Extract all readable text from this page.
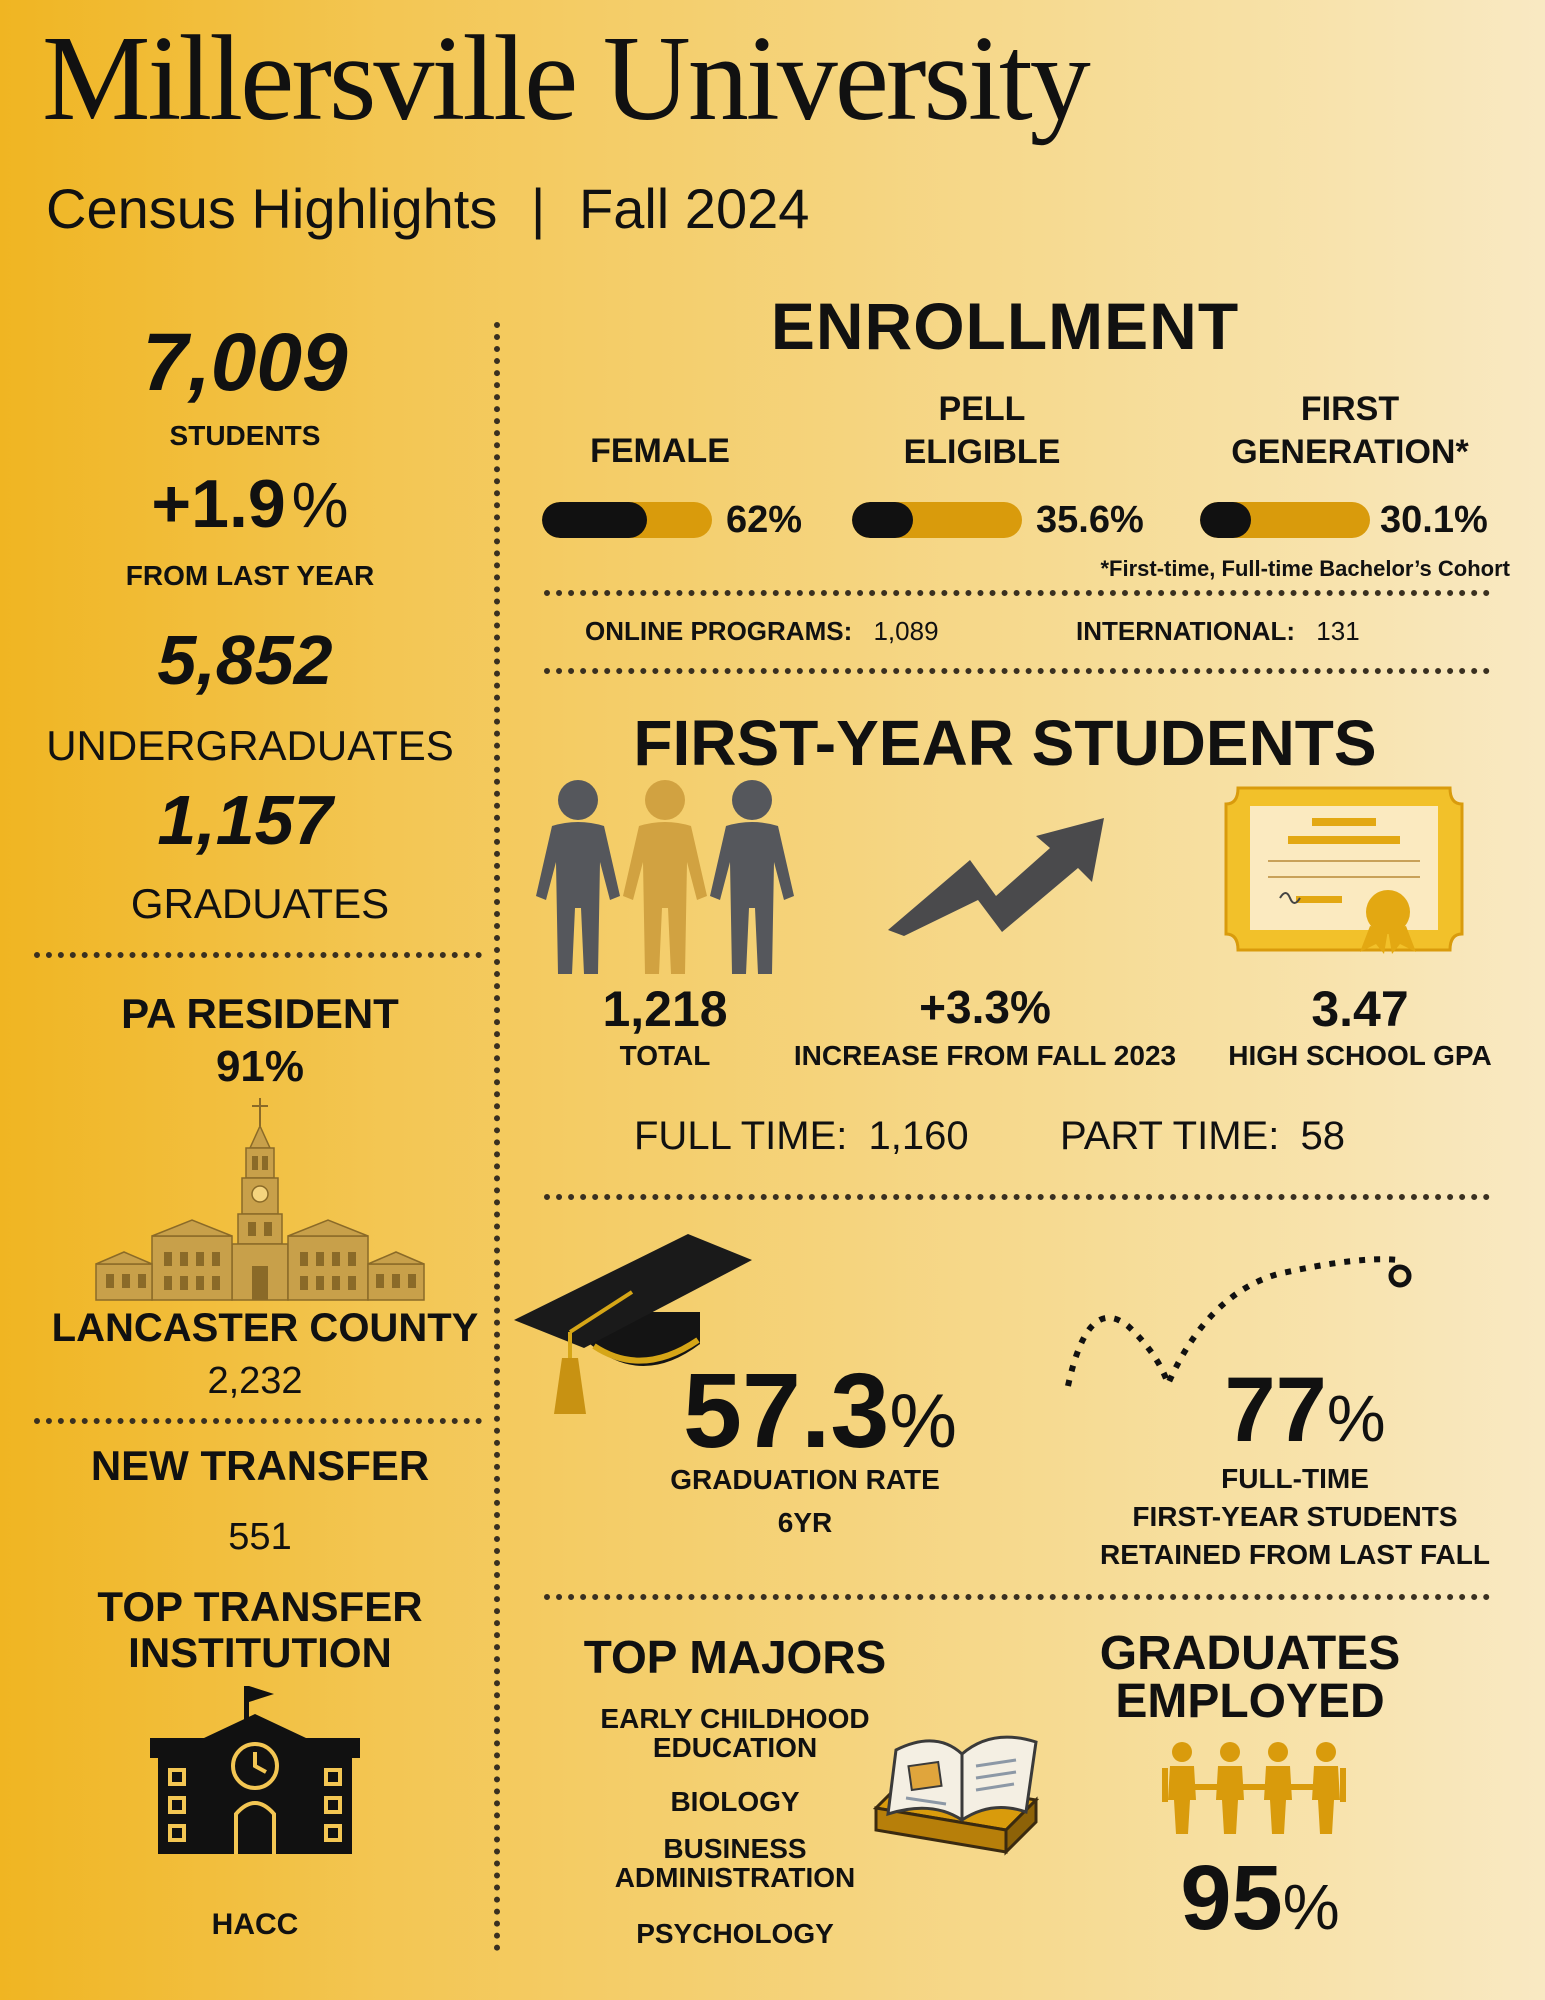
Millersville University
Census Highlights | Fall 2024
7,009
STUDENTS
+1.9%
FROM LAST YEAR
5,852
UNDERGRADUATES
1,157
GRADUATES
PA RESIDENT
91%
LANCASTER COUNTY
2,232
NEW TRANSFER
551
TOP TRANSFER
INSTITUTION
HACC
ENROLLMENT
FEMALE
PELL
ELIGIBLE
FIRST
GENERATION*
62%	35.6%	30.1%
*First-time, Full-time Bachelor’s Cohort
ONLINE PROGRAMS: 1,089	INTERNATIONAL: 131
FIRST-YEAR STUDENTS
1,218
TOTAL
+3.3%
INCREASE FROM FALL 2023
3.47
HIGH SCHOOL GPA
FULL TIME: 1,160 PART TIME: 58
57.3%
GRADUATION RATE
6YR
77%
FULL-TIME
FIRST-YEAR STUDENTS
RETAINED FROM LAST FALL
TOP MAJORS
EARLY CHILDHOOD
EDUCATION
BIOLOGY
BUSINESS
ADMINISTRATION
PSYCHOLOGY
GRADUATES
EMPLOYED
95%
